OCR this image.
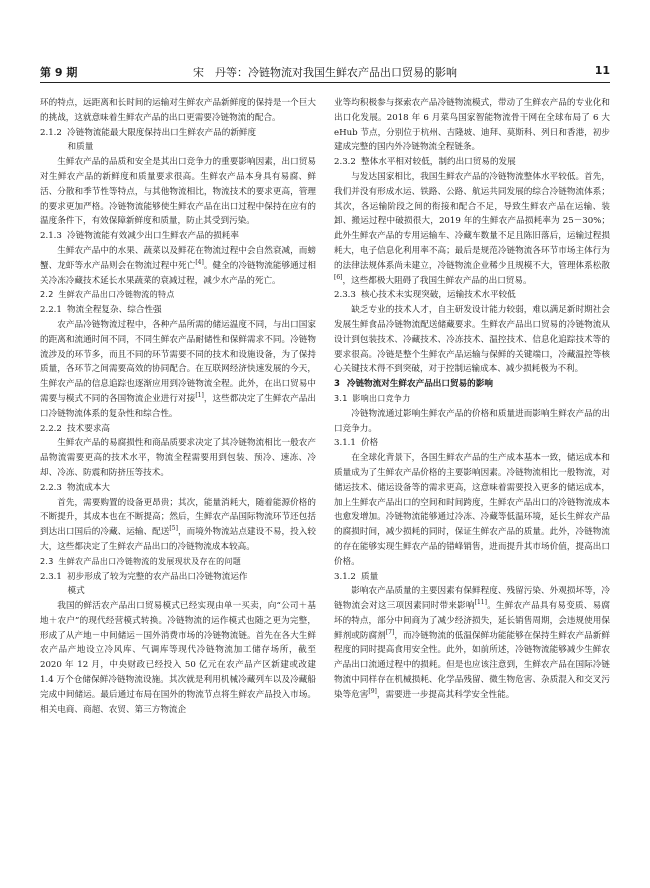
第 9 期	宋　丹等：冷链物流对我国生鲜农产品出口贸易的影响	11

环的特点，远距离和长时间的运输对生鲜农产品新鲜度的保持是一个巨大的挑战，这就意味着生鲜农产品的出口更需要冷链物流的配合。

2.1.2 冷链物流能最大限度保持出口生鲜农产品的新鲜度
和质量

生鲜农产品的品质和安全是其出口竞争力的重要影响因素，出口贸易对生鲜农产品的新鲜度和质量要求很高。生鲜农产品本身具有易腐、鲜活、分散和季节性等特点，与其他物流相比，物流技术的要求更高，管理的要求更加严格。冷链物流能够使生鲜农产品在出口过程中保持在应有的温度条件下，有效保障新鲜度和质量，防止其受到污染。

2.1.3 冷链物流能有效减少出口生鲜农产品的损耗率

生鲜农产品中的水果、蔬菜以及鲜花在物流过程中会自然衰减，而螃蟹、龙虾等水产品则会在物流过程中死亡[4]。健全的冷链物流能够通过相关冷冻冷藏技术延长水果蔬菜的衰减过程，减少水产品的死亡。

2.2 生鲜农产品出口冷链物流的特点

2.2.1 物流全程复杂、综合性强

农产品冷链物流过程中，各种产品所需的储运温度不同，与出口国家的距离和流通时间不同，不同生鲜农产品耐储性和保鲜需求不同。冷链物流涉及的环节多，而且不同的环节需要不同的技术和设施设备，为了保持质量，各环节之间需要高效的协同配合。在互联网经济快速发展的今天，生鲜农产品的信息追踪也逐渐应用到冷链物流全程。此外，在出口贸易中需要与模式不同的各国物流企业进行对接[1]，这些都决定了生鲜农产品出口冷链物流体系的复杂性和综合性。

2.2.2 技术要求高

生鲜农产品的易腐损性和商品质要求决定了其冷链物流相比一般农产品物流需要更高的技术水平，物流全程需要用到包装、预冷、速冻、冷却、冷冻、防震和防挤压等技术。

2.2.3 物流成本大

首先，需要购置的设备更昂贵；其次，能量消耗大，随着能源价格的不断提升，其成本也在不断提高；然后，生鲜农产品国际物流环节还包括到达出口国后的冷藏、运输、配送[5]，而境外物流站点建设不易，投入较大，这些都决定了生鲜农产品出口的冷链物流成本较高。

2.3 生鲜农产品出口冷链物流的发展现状及存在的问题

2.3.1 初步形成了较为完整的农产品出口冷链物流运作
模式

我国的鲜活农产品出口贸易模式已经实现由单一买卖，向“公司＋基地＋农户”的现代经营模式转换。冷链物流的运作模式也随之更为完整，形成了从产地－中间储运－国外消费市场的冷链物流链。首先在各大生鲜农产品产地设立冷风库、气调库等现代冷链物流加工储存场所，截至 2020 年 12 月，中央财政已经投入 50 亿元在农产品产区新建或改建 1.4 万个仓储保鲜冷链物流设施。其次就是利用机械冷藏列车以及冷藏船完成中间储运。最后通过布局在国外的物流节点将生鲜农产品投入市场。相关电商、商超、农贸、第三方物流企

业等均积极参与探索农产品冷链物流模式，带动了生鲜农产品的专业化和出口化发展。2018 年 6 月菜鸟国家智能物流骨干网在全球布局了 6 大 eHub 节点，分别位于杭州、吉隆坡、迪拜、莫斯科、列日和香港，初步建成完整的国内外冷链物流全程链条。

2.3.2 整体水平相对较低，制约出口贸易的发展

与发达国家相比，我国生鲜农产品的冷链物流整体水平较低。首先，我们并没有形成水运、铁路、公路、航运共同发展的综合冷链物流体系；其次，各运输阶段之间的衔接和配合不足，导致生鲜农产品在运输、装卸、搬运过程中破损很大，2019 年的生鲜农产品损耗率为 25－30%；此外生鲜农产品的专用运输车、冷藏车数量不足且陈旧落后，运输过程损耗大，电子信息化利用率不高；最后是规范冷链物流各环节市场主体行为的法律法规体系尚未建立，冷链物流企业稀少且规模不大，管理体系松散[6]，这些都极大阻碍了我国生鲜农产品的出口贸易。

2.3.3 核心技术未实现突破，运输技术水平较低

缺乏专业的技术人才，自主研发设计能力较弱，难以满足新时期社会发展生鲜食品冷链物流配送储藏要求。生鲜农产品出口贸易的冷链物流从设计到包装技术、冷藏技术、冷冻技术、温控技术、信息化追踪技术等的要求很高。冷链是整个生鲜农产品运输与保鲜的关键端口，冷藏温控等核心关键技术得不到突破，对于控制运输成本、减少损耗极为不利。

3 冷链物流对生鲜农产品出口贸易的影响

3.1 影响出口竞争力

冷链物流通过影响生鲜农产品的价格和质量进而影响生鲜农产品的出口竞争力。

3.1.1 价格

在全球化背景下，各国生鲜农产品的生产成本基本一致，储运成本和质量成为了生鲜农产品价格的主要影响因素。冷链物流相比一般物流，对储运技术、储运设备等的需求更高，这意味着需要投入更多的储运成本，加上生鲜农产品出口的空间和时间跨度，生鲜农产品出口的冷链物流成本也愈发增加。冷链物流能够通过冷冻、冷藏等低温环境，延长生鲜农产品的腐损时间，减少损耗的同时，保证生鲜农产品的质量。此外，冷链物流的存在能够实现生鲜农产品的错峰销售，进而提升其市场价值，提高出口价格。

3.1.2 质量

影响农产品质量的主要因素有保鲜程度、残留污染、外观损坏等，冷链物流会对这三项因素同时带来影响[11]。生鲜农产品具有易变质、易腐坏的特点，部分中间商为了减少经济损失，延长销售周期，会违规使用保鲜剂或防腐剂[7]，而冷链物流的低温保鲜功能能够在保持生鲜农产品新鲜程度的同时提高食用安全性。此外，如前所述，冷链物流能够减少生鲜农产品出口流通过程中的损耗。但是也应该注意到，生鲜农产品在国际冷链物流中同样存在机械损耗、化学品残留、微生物危害、杂质混入和交叉污染等危害[9]，需要进一步提高其科学安全性能。
